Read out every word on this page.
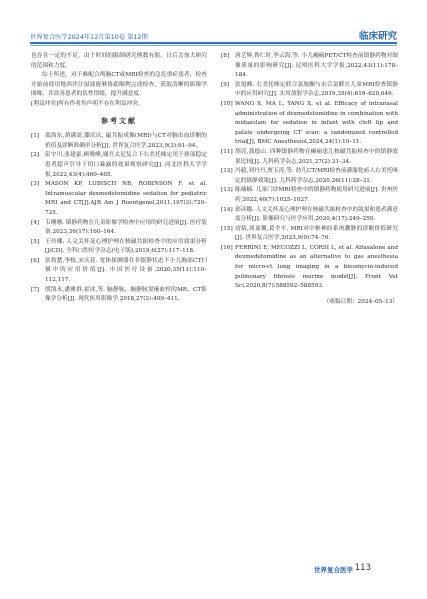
世界复合医学2024年12月第10卷 第12期	临床研究

也存在一定的不足，由于时间的限制研究例数有限，日后会加大研究的范围和力度。

综上所述，对于难配合颅脑CT或MRI检查的急危重症患者，检查开始前使用地西泮注射液能够协助顺利完成检查，获取清晰的影像学图像，并改善患者的负性情绪，提升满意度。

[利益冲突]所有作者均声明不存在利益冲突。

参考文献
[1]	邵海东,胡满盈,滕庆庆. 磁共振成像(MRI)与CT对脑出血诊断的价值及诊断准确率分析[J]. 世界复合医学,2023,9(3):91–94.
[2]	彭宇川,张建豪,顾俊峰,谢吾太尼复合下右美托咪定用于颈部稳定患者超声引导下切口暴露的效果观察研究[J]. 河北医科大学学报,2022,43(4):460–465.
[3]	MASON KP, LUBISCH NB, ROBINSON F, et al. Intramuscular dexmedetomidine sedation for pediatric MRI and CT[J].AJR Am J Roentgenol,2011,197(3):720–725.
[4]	韦珊珊. 镇静药物在儿童影像学检查中应用的研究进展[J]. 医疗装备,2023,36(17):160–164.
[5]	王玲娜. 人文关怀及心理护理在核磁共振检查中的应用效果分析[J/CD]. 全科口腔医学杂志(电子版),2019,6(27):117–118.
[6]	张勃楚,李栋,宋庆花. 宽体探测器在非镇静状态下小儿胸部CT扫描中的应用价值[J]. 中国医疗设备,2020,35(11):110–112,117.
[7]	殷凯永,潘雅群,霍冰,等. 脑静脉、脑静脉窦瘘血栓的MR、CT影像学分析[J]. 现代医用影像学,2018,27(2):409–411.
[8]	唐艺辉,鲁仁时,李云海,等. 小儿癫痫PET/CT检查前镇静药物对图像质量的影响研究[J]. 昆明医科大学学报,2022,43(11):178–184.
[9]	张旭峰. 右美托咪定联合氯胺酮与水合氯醛在儿童MRI检查镇静中的应用研究[J]. 实用放射学杂志,2019,35(4):619–620,646.
[10] WANG X, MA L, YANG X, et al. Efficacy of intranasal administration of dexmedetomidine in combination with midazolam for sedation in infant with cleft lip and palate undergoing CT scan: a randomized controlled trial[J]. BMC Anesthesiol,2024,24(1):10–11.
[11] 胡亮,龚德山. 四种镇静药物在癫痫患儿核磁共振检查中的镇静效果比较[J]. 儿科药学杂志,2021,27(2):31–34.
[12] 冯毅,刘丹丹,贾玉涛,等. 幼儿CT/MRI检查前灌服化瘀人右美托咪定的镇静效果[J]. 儿科药学杂志,2020,26(11):28–31.
[13] 陈楠楠. 儿童门诊MRI检查中的镇静药物使用研究进展[J]. 贵州医药,2022,46(7):1025–1027.
[14] 郭彦娜. 人文关怀及心理护理在核磁共振检查中的效果和患者满意度分析[J]. 影像研究与医学应用,2020,4(17):249–250.
[15] 靖婧,周嘉馨,葛全平. MRI对中枢神经系统囊肿的诊断价值研究[J]. 世界复合医学,2023,9(9):74–76.
[16] FERRINI E, MECOZZI L, CORSI L, et al. Alfaxalone and dexmedetomidine as an alternative to gas anesthesia for micro-ct lung imaging in a bleomycin-induced pulmonary fibrosis murine model[J]. Front Vet Sci,2020,8(7):588592–588593.
（收稿日期：2024–05–13）
世界复合医学 113
